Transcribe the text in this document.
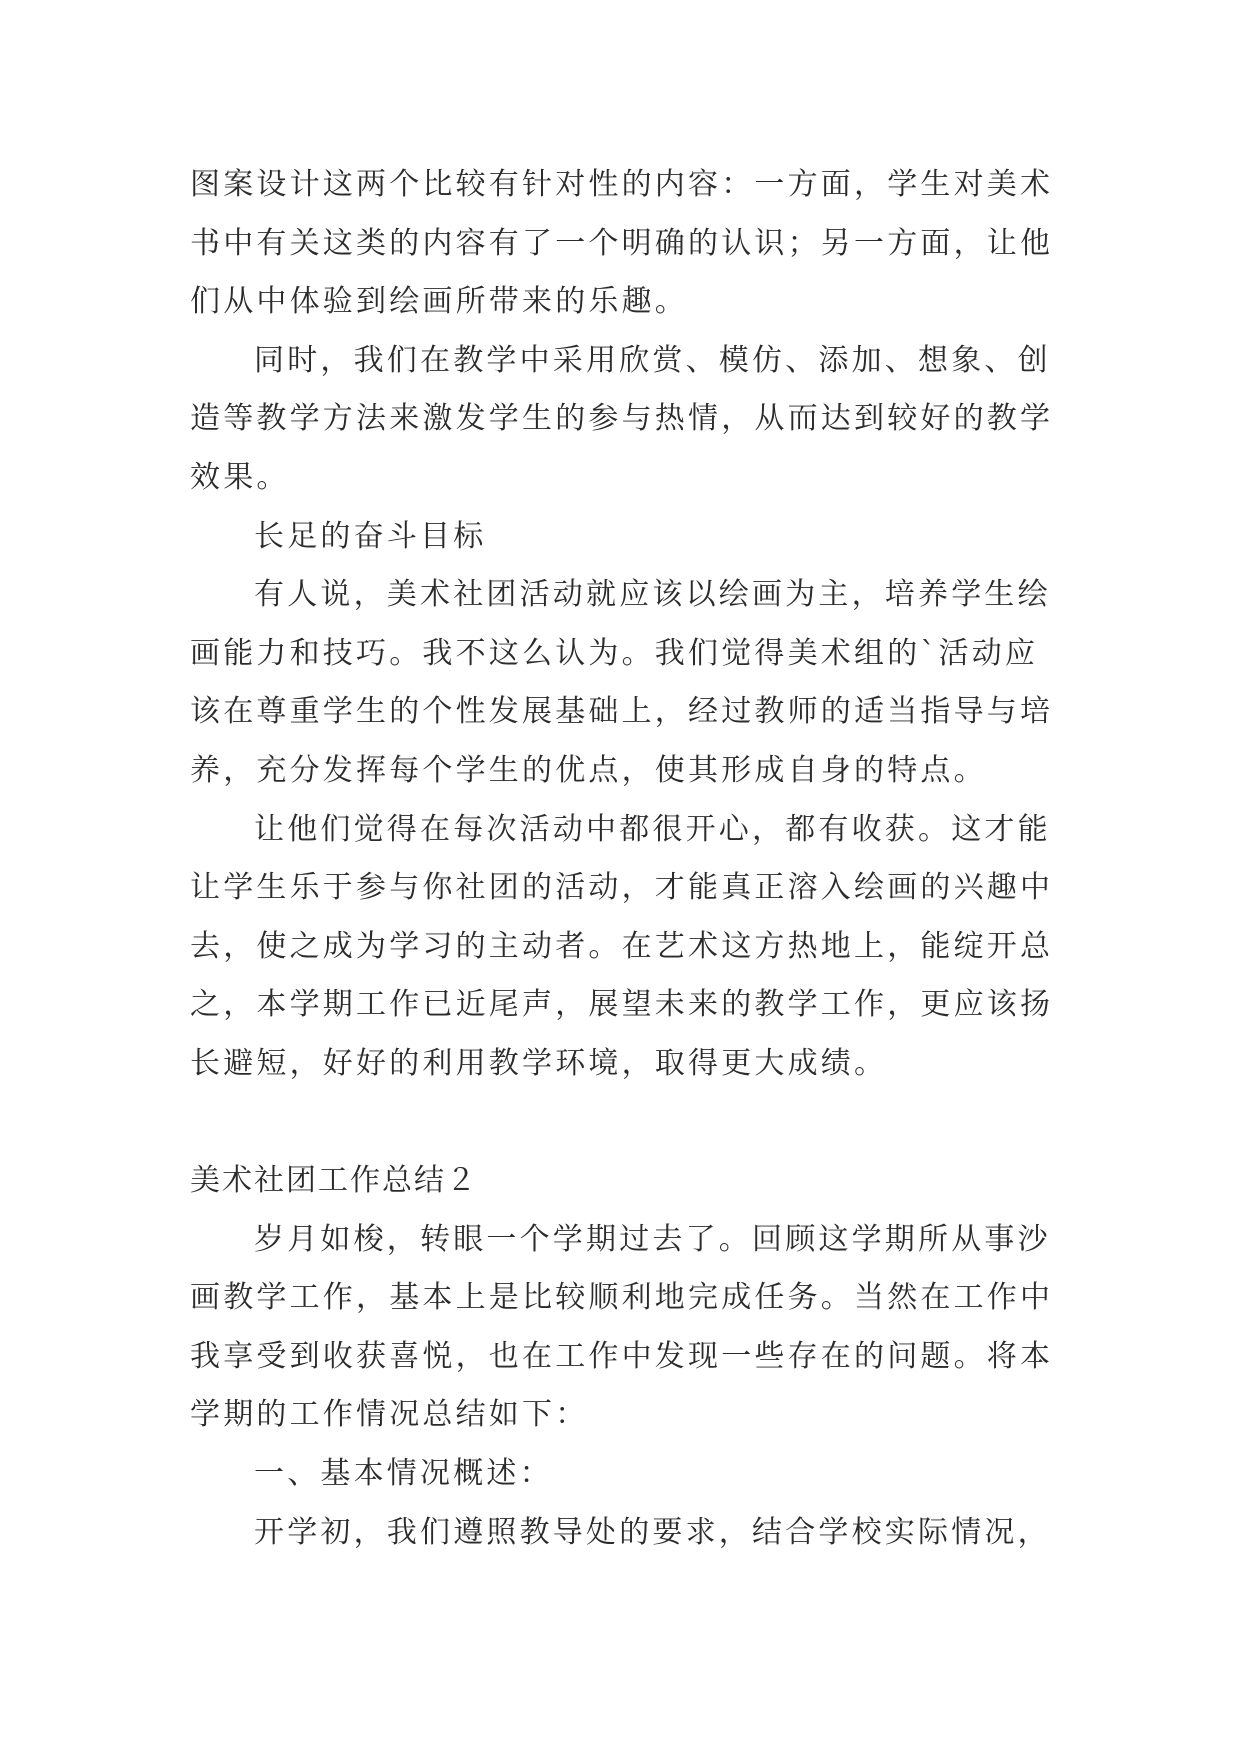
图案设计这两个比较有针对性的内容：一方面，学生对美术
书中有关这类的内容有了一个明确的认识；另一方面，让他
们从中体验到绘画所带来的乐趣。
同时，我们在教学中采用欣赏、模仿、添加、想象、创
造等教学方法来激发学生的参与热情，从而达到较好的教学
效果。
长足的奋斗目标
有人说，美术社团活动就应该以绘画为主，培养学生绘
画能力和技巧。我不这么认为。我们觉得美术组的`活动应
该在尊重学生的个性发展基础上，经过教师的适当指导与培
养，充分发挥每个学生的优点，使其形成自身的特点。
让他们觉得在每次活动中都很开心，都有收获。这才能
让学生乐于参与你社团的活动，才能真正溶入绘画的兴趣中
去，使之成为学习的主动者。在艺术这方热地上，能绽开总
之，本学期工作已近尾声，展望未来的教学工作，更应该扬
长避短，好好的利用教学环境，取得更大成绩。
美术社团工作总结２
岁月如梭，转眼一个学期过去了。回顾这学期所从事沙
画教学工作，基本上是比较顺利地完成任务。当然在工作中
我享受到收获喜悦，也在工作中发现一些存在的问题。将本
学期的工作情况总结如下：
一、基本情况概述：
开学初，我们遵照教导处的要求，结合学校实际情况，
